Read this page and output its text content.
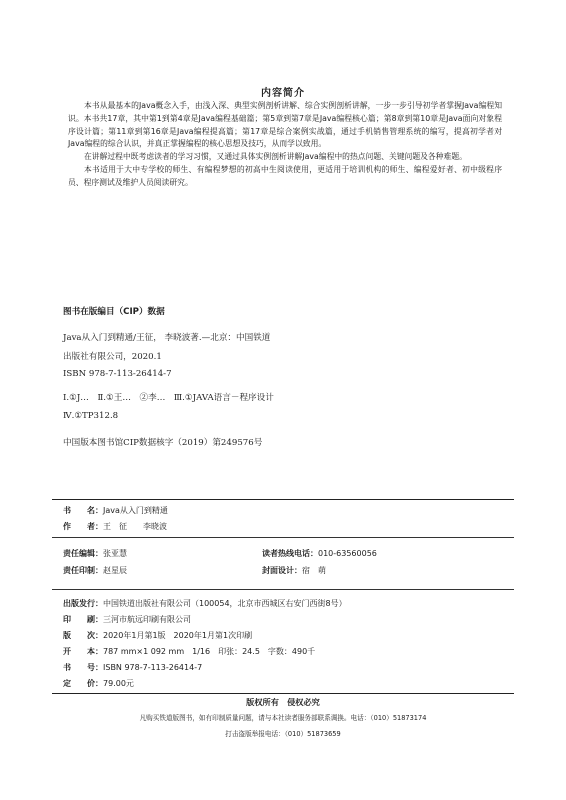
内容简介

本书从最基本的Java概念入手，由浅入深、典型实例剖析讲解、综合实例剖析讲解，一步一步引导初学者掌握Java编程知识。本书共17章，其中第1到第4章是Java编程基础篇；第5章到第7章是Java编程核心篇；第8章到第10章是Java面向对象程序设计篇；第11章到第16章是Java编程提高篇；第17章是综合案例实战篇，通过手机销售管理系统的编写，提高初学者对Java编程的综合认识，并真正掌握编程的核心思想及技巧，从而学以致用。

在讲解过程中既考虑读者的学习习惯，又通过具体实例剖析讲解Java编程中的热点问题、关键问题及各种难题。

本书适用于大中专学校的师生、有编程梦想的初高中生阅读使用，更适用于培训机构的师生、编程爱好者、初中级程序员、程序测试及维护人员阅读研究。

图书在版编目（CIP）数据
Java从入门到精通/王征， 李晓波著.—北京：中国铁道
出版社有限公司，2020.1
ISBN 978-7-113-26414-7
Ⅰ.①J…　Ⅱ.①王…　②李…　Ⅲ.①JAVA语言－程序设计
Ⅳ.①TP312.8
中国版本图书馆CIP数据核字（2019）第249576号
书　　名：Java从入门到精通
作　　者：王　征　　李晓波
责任编辑：张亚慧	读者热线电话：010-63560056
责任印制：赵星辰	封面设计：宿　萌
出版发行：中国铁道出版社有限公司（100054，北京市西城区右安门西街8号）
印　　刷：三河市航远印刷有限公司
版　　次：2020年1月第1版　2020年1月第1次印刷
开　　本：787 mm×1 092 mm　1/16　印张：24.5　字数：490千
书　　号：ISBN 978-7-113-26414-7
定　　价：79.00元
版权所有　侵权必究
凡购买铁道版图书，如有印制质量问题，请与本社读者服务部联系调换。电话：（010）51873174
打击盗版举报电话：（010）51873659
